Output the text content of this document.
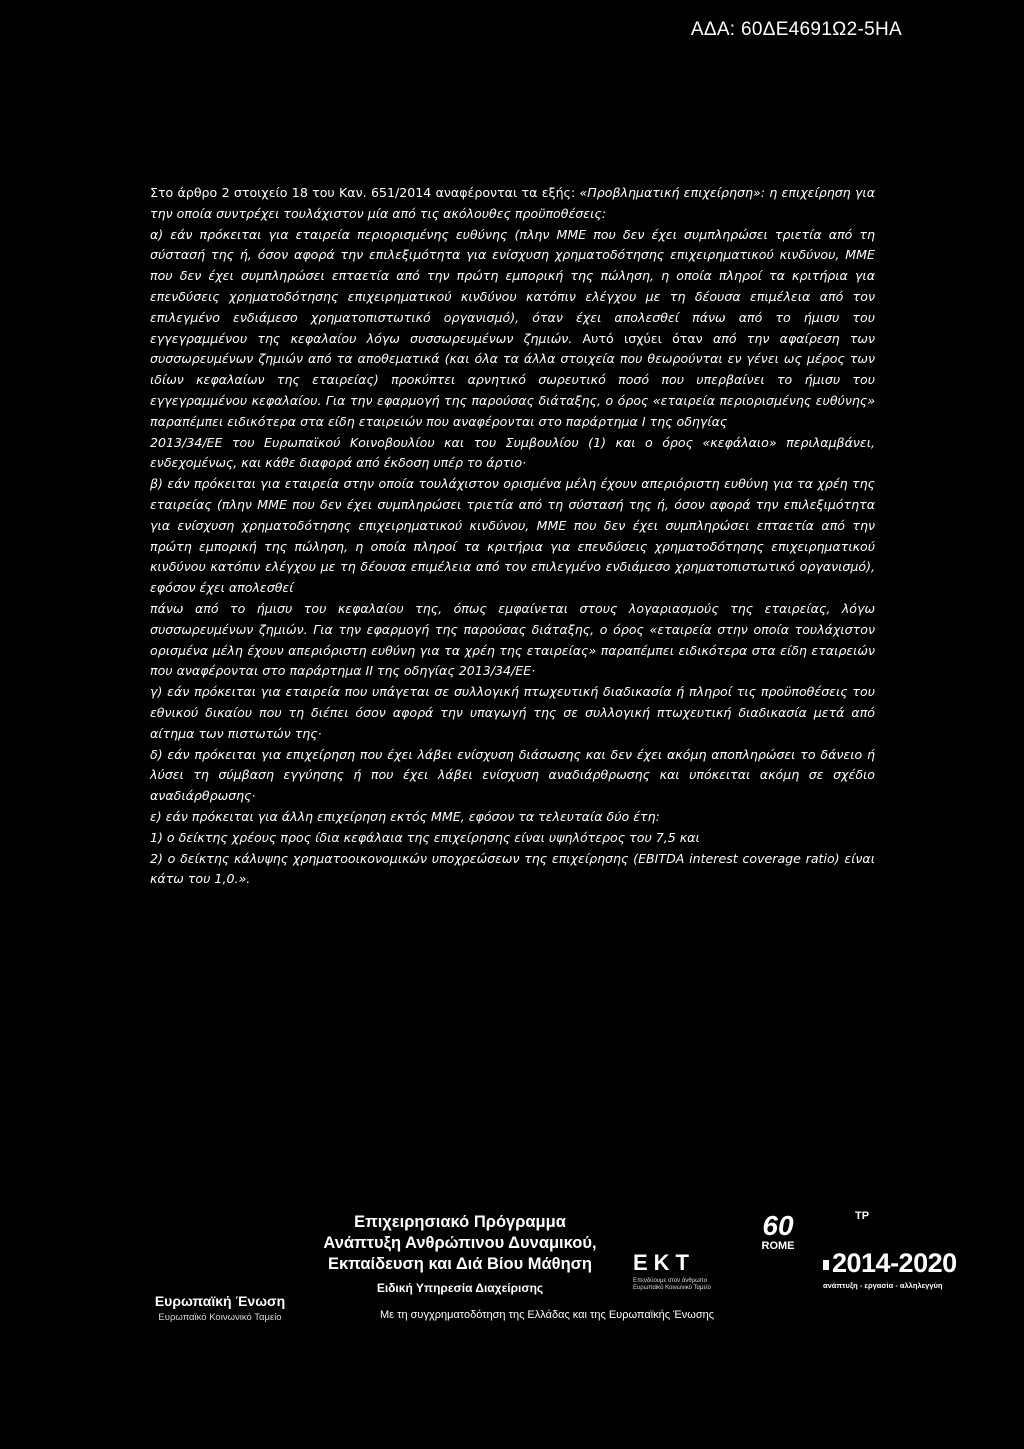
ΑΔΑ: 60ΔΕ4691Ω2-5ΗΑ

Στο άρθρο 2 στοιχείο 18 του Καν. 651/2014 αναφέρονται τα εξής: «Προβληματική επιχείρηση»: η επιχείρηση για την οποία συντρέχει τουλάχιστον μία από τις ακόλουθες προϋποθέσεις:

α) εάν πρόκειται για εταιρεία περιορισμένης ευθύνης (πλην ΜΜΕ που δεν έχει συμπληρώσει τριετία από τη σύστασή της ή, όσον αφορά την επιλεξιμότητα για ενίσχυση χρηματοδότησης επιχειρηματικού κινδύνου, ΜΜΕ που δεν έχει συμπληρώσει επταετία από την πρώτη εμπορική της πώληση, η οποία πληροί τα κριτήρια για επενδύσεις χρηματοδότησης επιχειρηματικού κινδύνου κατόπιν ελέγχου με τη δέουσα επιμέλεια από τον επιλεγμένο ενδιάμεσο χρηματοπιστωτικό οργανισμό), όταν έχει απολεσθεί πάνω από το ήμισυ του εγγεγραμμένου της κεφαλαίου λόγω συσσωρευμένων ζημιών. Αυτό ισχύει όταν από την αφαίρεση των συσσωρευμένων ζημιών από τα αποθεματικά (και όλα τα άλλα στοιχεία που θεωρούνται εν γένει ως μέρος των ιδίων κεφαλαίων της εταιρείας) προκύπτει αρνητικό σωρευτικό ποσό που υπερβαίνει το ήμισυ του εγγεγραμμένου κεφαλαίου. Για την εφαρμογή της παρούσας διάταξης, ο όρος «εταιρεία περιορισμένης ευθύνης» παραπέμπει ειδικότερα στα είδη εταιρειών που αναφέρονται στο παράρτημα I της οδηγίας

2013/34/ΕΕ του Ευρωπαϊκού Κοινοβουλίου και του Συμβουλίου (1) και ο όρος «κεφάλαιο» περιλαμβάνει, ενδεχομένως, και κάθε διαφορά από έκδοση υπέρ το άρτιο·

β) εάν πρόκειται για εταιρεία στην οποία τουλάχιστον ορισμένα μέλη έχουν απεριόριστη ευθύνη για τα χρέη της εταιρείας (πλην ΜΜΕ που δεν έχει συμπληρώσει τριετία από τη σύστασή της ή, όσον αφορά την επιλεξιμότητα για ενίσχυση χρηματοδότησης επιχειρηματικού κινδύνου, ΜΜΕ που δεν έχει συμπληρώσει επταετία από την πρώτη εμπορική της πώληση, η οποία πληροί τα κριτήρια για επενδύσεις χρηματοδότησης επιχειρηματικού κινδύνου κατόπιν ελέγχου με τη δέουσα επιμέλεια από τον επιλεγμένο ενδιάμεσο χρηματοπιστωτικό οργανισμό), εφόσον έχει απολεσθεί

πάνω από το ήμισυ του κεφαλαίου της, όπως εμφαίνεται στους λογαριασμούς της εταιρείας, λόγω συσσωρευμένων ζημιών. Για την εφαρμογή της παρούσας διάταξης, ο όρος «εταιρεία στην οποία τουλάχιστον ορισμένα μέλη έχουν απεριόριστη ευθύνη για τα χρέη της εταιρείας» παραπέμπει ειδικότερα στα είδη εταιρειών που αναφέρονται στο παράρτημα II της οδηγίας 2013/34/ΕΕ·

γ) εάν πρόκειται για εταιρεία που υπάγεται σε συλλογική πτωχευτική διαδικασία ή πληροί τις προϋποθέσεις του εθνικού δικαίου που τη διέπει όσον αφορά την υπαγωγή της σε συλλογική πτωχευτική διαδικασία μετά από αίτημα των πιστωτών της·

δ) εάν πρόκειται για επιχείρηση που έχει λάβει ενίσχυση διάσωσης και δεν έχει ακόμη αποπληρώσει το δάνειο ή λύσει τη σύμβαση εγγύησης ή που έχει λάβει ενίσχυση αναδιάρθρωσης και υπόκειται ακόμη σε σχέδιο αναδιάρθρωσης·

ε) εάν πρόκειται για άλλη επιχείρηση εκτός ΜΜΕ, εφόσον τα τελευταία δύο έτη:

1) ο δείκτης χρέους προς ίδια κεφάλαια της επιχείρησης είναι υψηλότερος του 7,5 και

2) ο δείκτης κάλυψης χρηματοοικονομικών υποχρεώσεων της επιχείρησης (EBITDA interest coverage ratio) είναι κάτω του 1,0.».

Ευρωπαϊκή Ένωση
Ευρωπαϊκό Κοινωνικό Ταμείο
Επιχειρησιακό Πρόγραμμα
Ανάπτυξη Ανθρώπινου Δυναμικού,
Εκπαίδευση και Διά Βίου Μάθηση
Ειδική Υπηρεσία Διαχείρισης
ΕΚΤ
Επενδύουμε στον άνθρωπο
Ευρωπαϊκό Κοινωνικό Ταμείο
60
ROME
ΤΡ
2014-2020
ανάπτυξη - εργασία - αλληλεγγύη
Με τη συγχρηματοδότηση της Ελλάδας και της Ευρωπαϊκής Ένωσης
